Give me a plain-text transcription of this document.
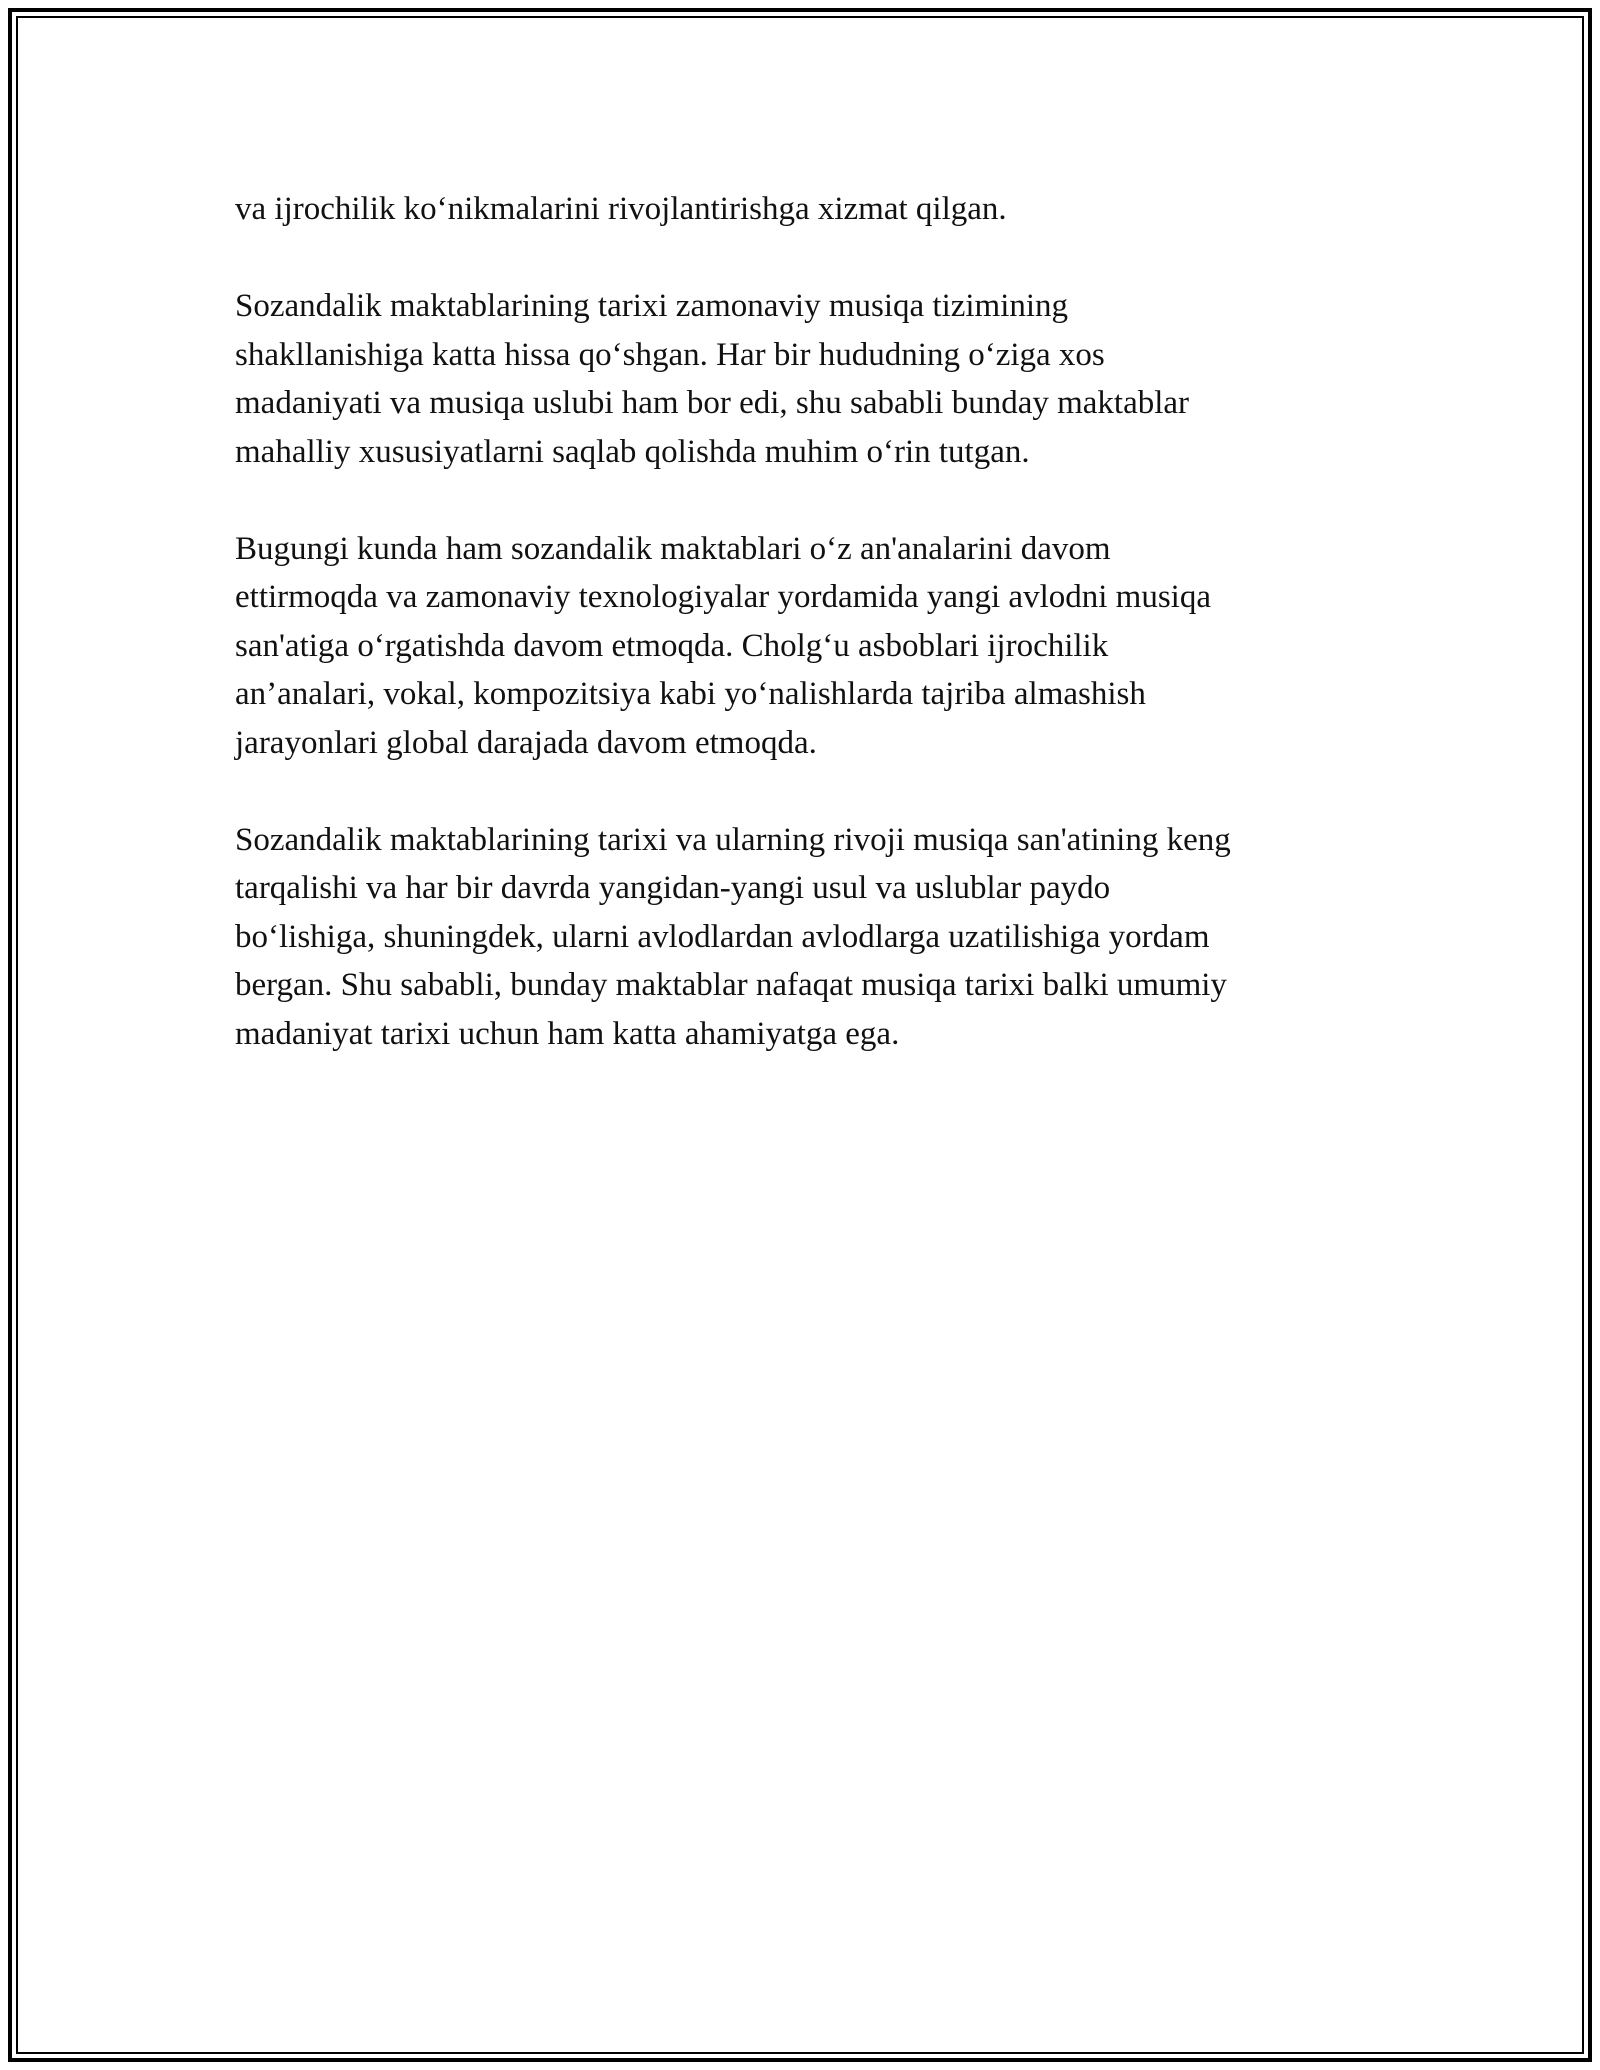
va ijrochilik ko‘nikmalarini rivojlantirishga xizmat qilgan.

Sozandalik maktablarining tarixi zamonaviy musiqa tizimining
shakllanishiga katta hissa qo‘shgan. Har bir hududning o‘ziga xos
madaniyati va musiqa uslubi ham bor edi, shu sababli bunday maktablar
mahalliy xususiyatlarni saqlab qolishda muhim o‘rin tutgan.

Bugungi kunda ham sozandalik maktablari o‘z an'analarini davom
ettirmoqda va zamonaviy texnologiyalar yordamida yangi avlodni musiqa
san'atiga o‘rgatishda davom etmoqda. Cholg‘u asboblari ijrochilik
an’analari, vokal, kompozitsiya kabi yo‘nalishlarda tajriba almashish
jarayonlari global darajada davom etmoqda.

Sozandalik maktablarining tarixi va ularning rivoji musiqa san'atining keng
tarqalishi va har bir davrda yangidan-yangi usul va uslublar paydo
bo‘lishiga, shuningdek, ularni avlodlardan avlodlarga uzatilishiga yordam
bergan. Shu sababli, bunday maktablar nafaqat musiqa tarixi balki umumiy
madaniyat tarixi uchun ham katta ahamiyatga ega.
